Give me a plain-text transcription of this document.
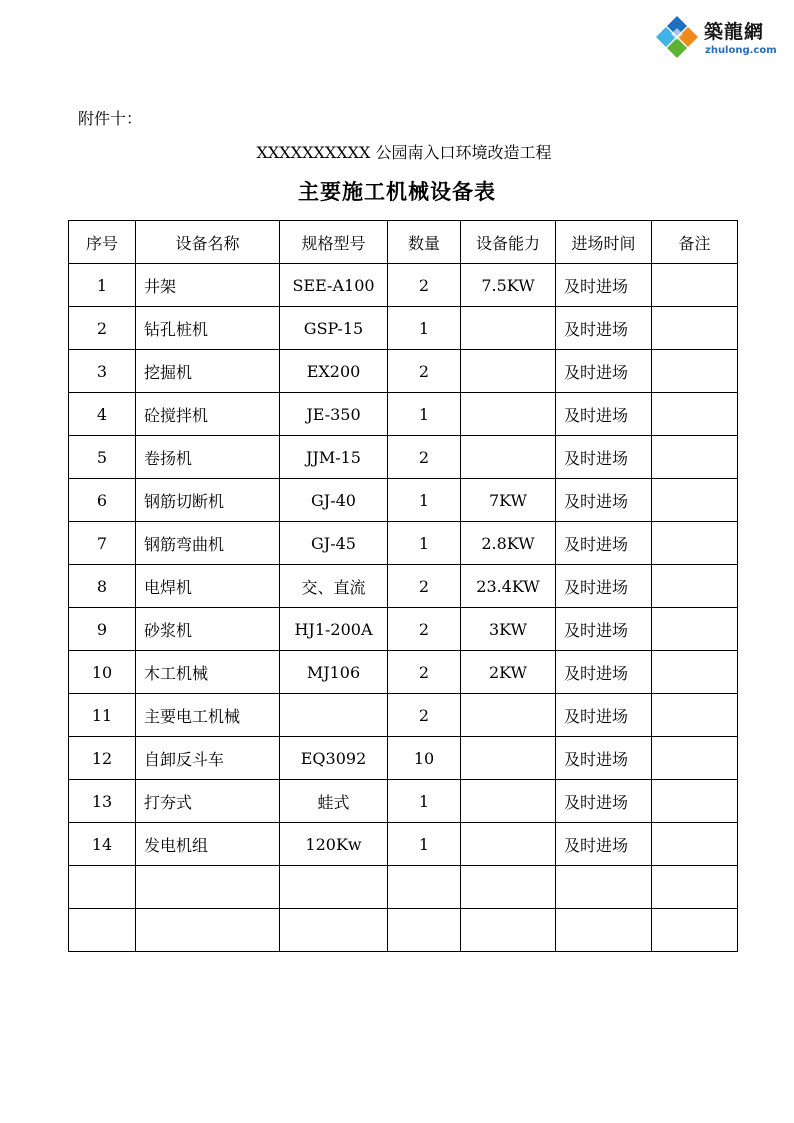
築龍網
zhulong.com
附件十：
XXXXXXXXXX 公园南入口环境改造工程
主要施工机械设备表
序号	设备名称	规格型号	数量	设备能力	进场时间	备注
1	井架	SEE-A100	2	7.5KW	及时进场	
2	钻孔桩机	GSP-15	1		及时进场	
3	挖掘机	EX200	2		及时进场	
4	砼搅拌机	JE-350	1		及时进场	
5	卷扬机	JJM-15	2		及时进场	
6	钢筋切断机	GJ-40	1	7KW	及时进场	
7	钢筋弯曲机	GJ-45	1	2.8KW	及时进场	
8	电焊机	交、直流	2	23.4KW	及时进场	
9	砂浆机	HJ1-200A	2	3KW	及时进场	
10	木工机械	MJ106	2	2KW	及时进场	
11	主要电工机械		2		及时进场	
12	自卸反斗车	EQ3092	10		及时进场	
13	打夯式	蛙式	1		及时进场	
14	发电机组	120Kw	1		及时进场	
